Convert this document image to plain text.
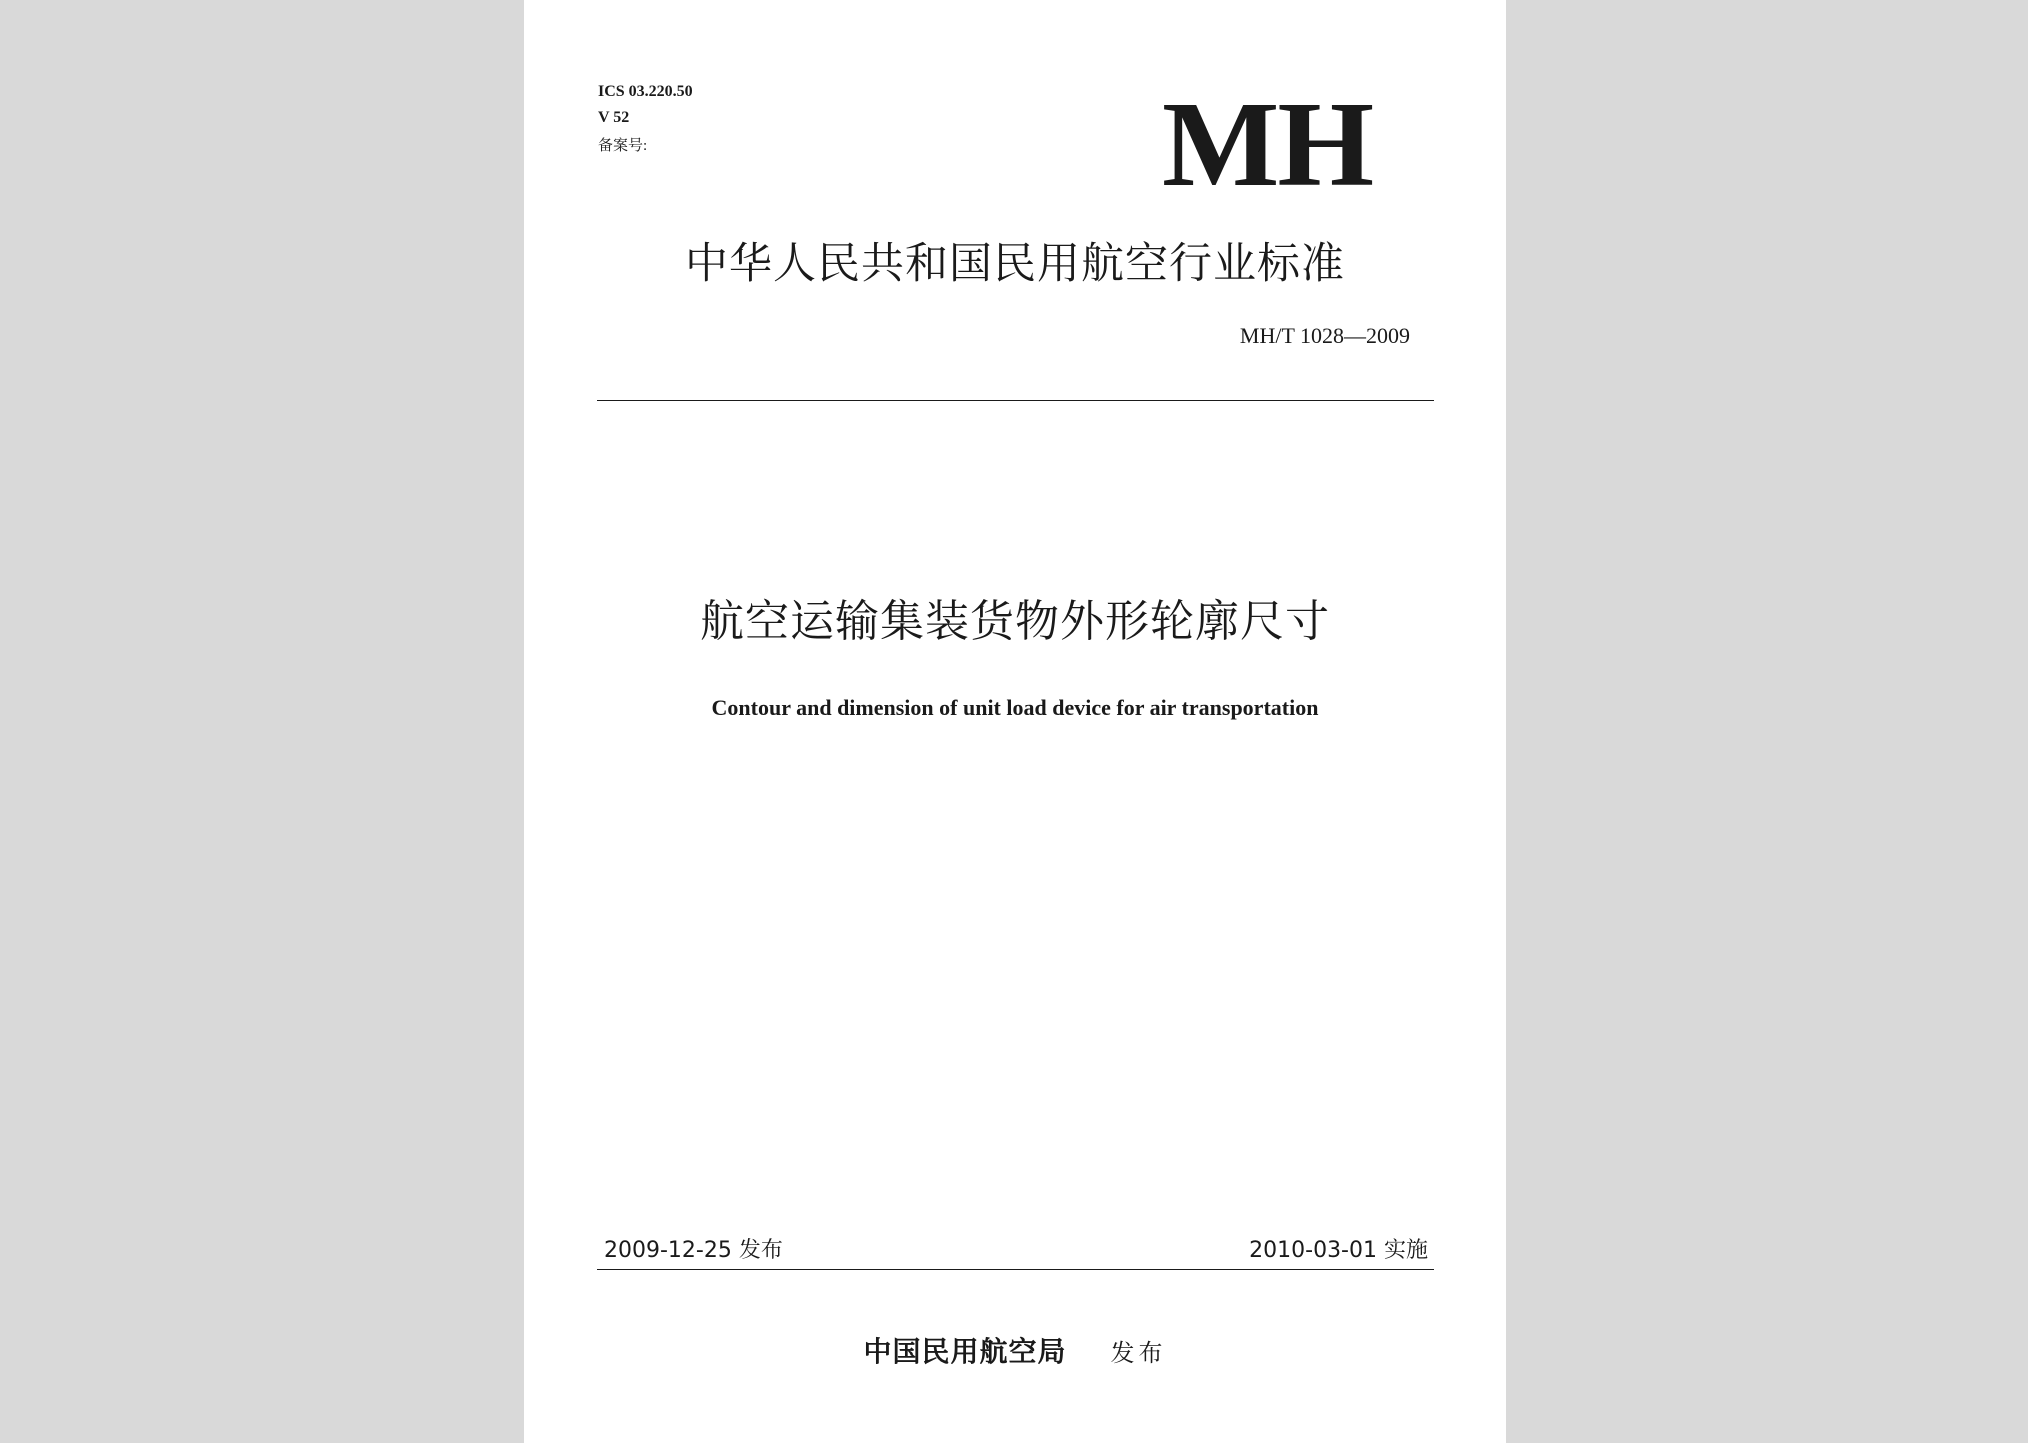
ICS 03.220.50
V 52
备案号:	MH
中华人民共和国民用航空行业标准
MH/T 1028—2009
航空运输集装货物外形轮廓尺寸
Contour and dimension of unit load device for air transportation
2009-12-25 发布	2010-03-01 实施
中国民用航空局 发布
